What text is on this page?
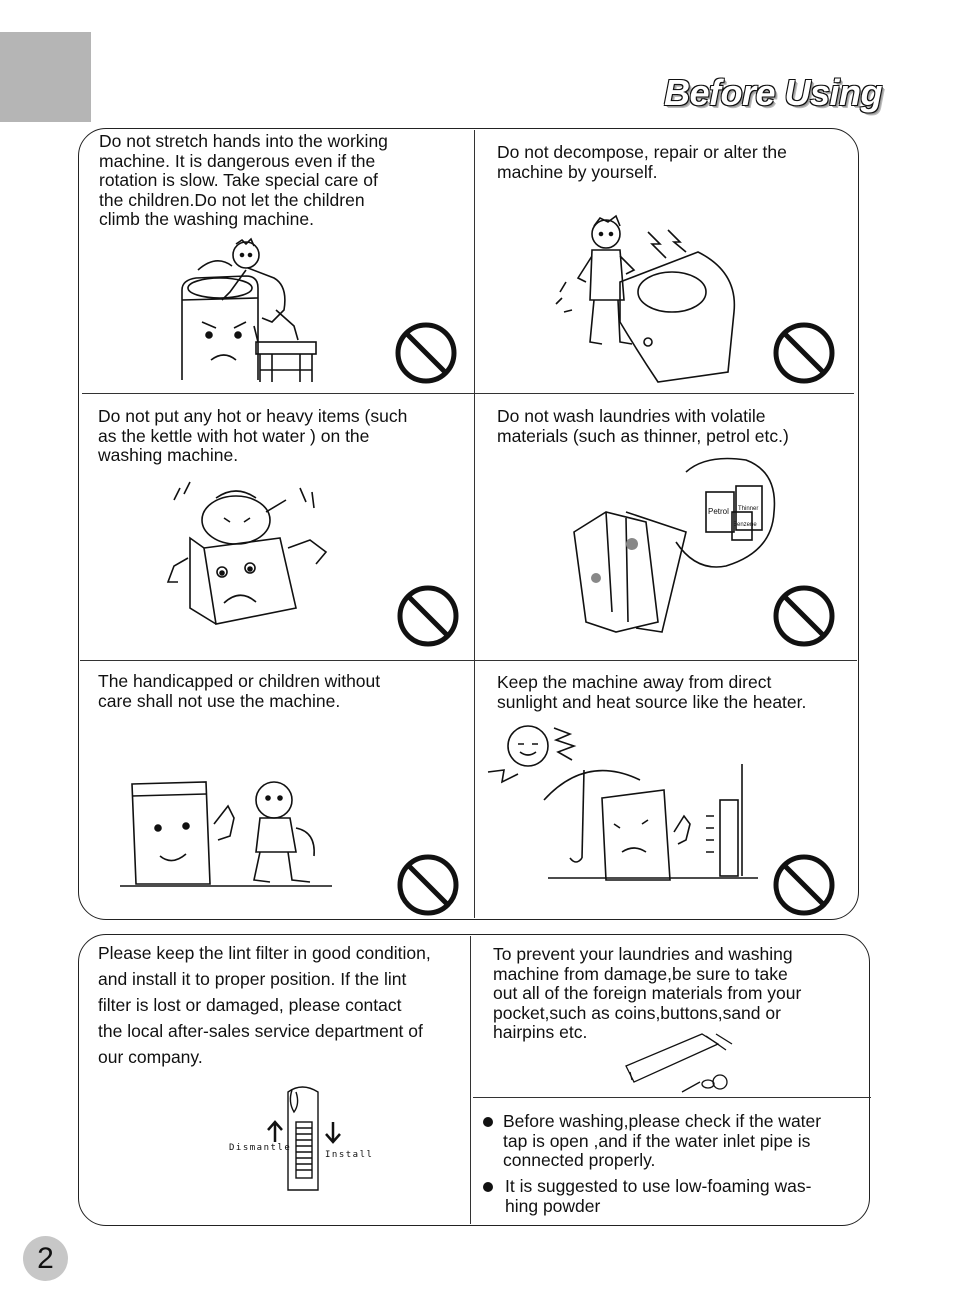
Before Using

Do not stretch hands into the working
machine. It is dangerous even if the
rotation is slow. Take special care of
the children.Do not let the children
climb the washing machine.

Do not decompose, repair or alter the
machine by yourself.

Do not put any hot or heavy items (such
as the kettle with hot water ) on the
washing machine.

Do not wash laundries with volatile
materials (such as thinner, petrol etc.)

The handicapped or children without
care shall not use the machine.

Keep the machine away from direct
sunlight and heat source like the heater.

Petrol Thinner
Benzene

Please keep the lint filter in good condition,
and install it to proper position. If the lint
filter is lost or damaged, please contact
the local after-sales service department of
our company.

Dismantle
Install

To prevent your laundries and washing
machine from damage,be sure to take
out all of the foreign materials from your
pocket,such as coins,buttons,sand or
hairpins etc.

Before washing,please check if the water
tap is open ,and if the water inlet pipe is
connected properly.
It is suggested to use low-foaming was-
hing powder
2
